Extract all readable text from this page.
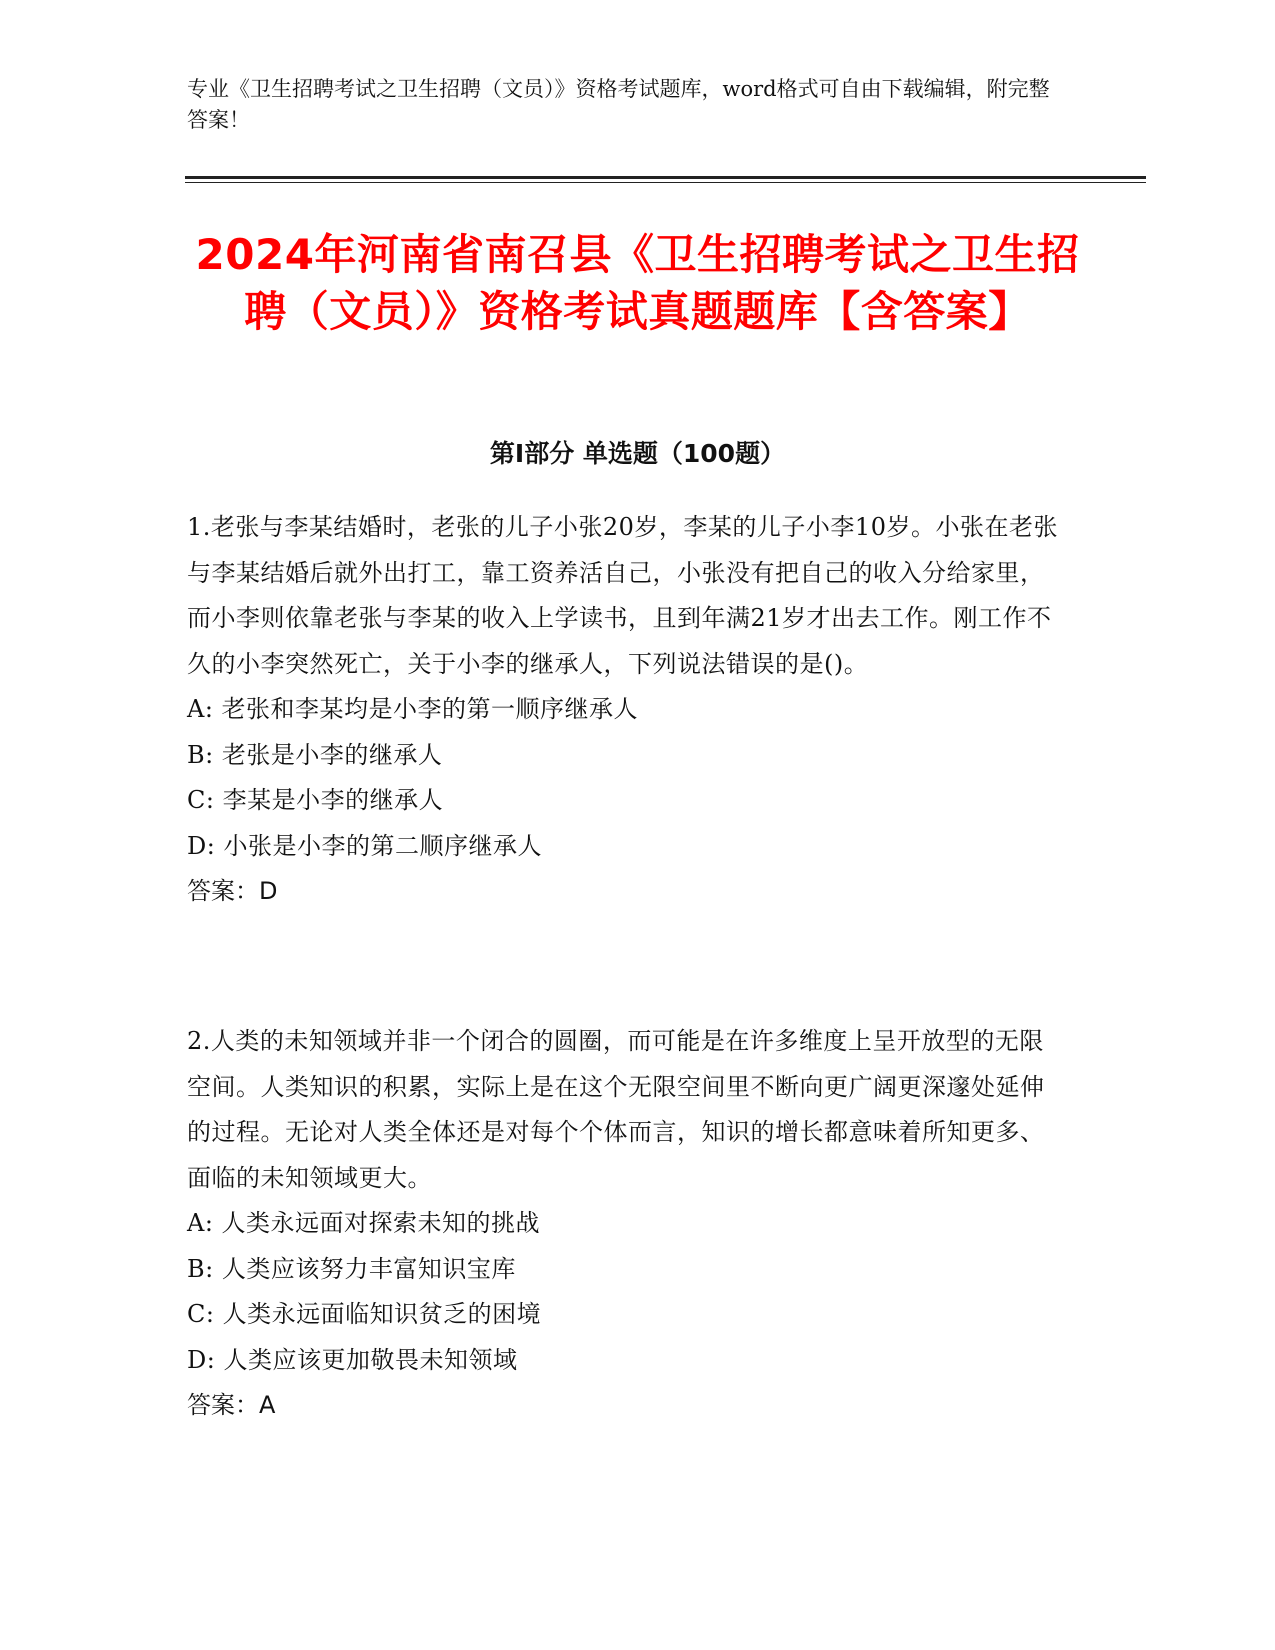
专业《卫生招聘考试之卫生招聘（文员）》资格考试题库，word格式可自由下载编辑，附完整答案！
2024年河南省南召县《卫生招聘考试之卫生招聘（文员）》资格考试真题题库【含答案】
第Ⅰ部分 单选题（100题）
1.老张与李某结婚时，老张的儿子小张20岁，李某的儿子小李10岁。小张在老张与李某结婚后就外出打工，靠工资养活自己，小张没有把自己的收入分给家里，而小李则依靠老张与李某的收入上学读书，且到年满21岁才出去工作。刚工作不久的小李突然死亡，关于小李的继承人，下列说法错误的是()。
A: 老张和李某均是小李的第一顺序继承人
B: 老张是小李的继承人
C: 李某是小李的继承人
D: 小张是小李的第二顺序继承人
答案：D
2.人类的未知领域并非一个闭合的圆圈，而可能是在许多维度上呈开放型的无限空间。人类知识的积累，实际上是在这个无限空间里不断向更广阔更深邃处延伸的过程。无论对人类全体还是对每个个体而言，知识的增长都意味着所知更多、面临的未知领域更大。
A: 人类永远面对探索未知的挑战
B: 人类应该努力丰富知识宝库
C: 人类永远面临知识贫乏的困境
D: 人类应该更加敬畏未知领域
答案：A
